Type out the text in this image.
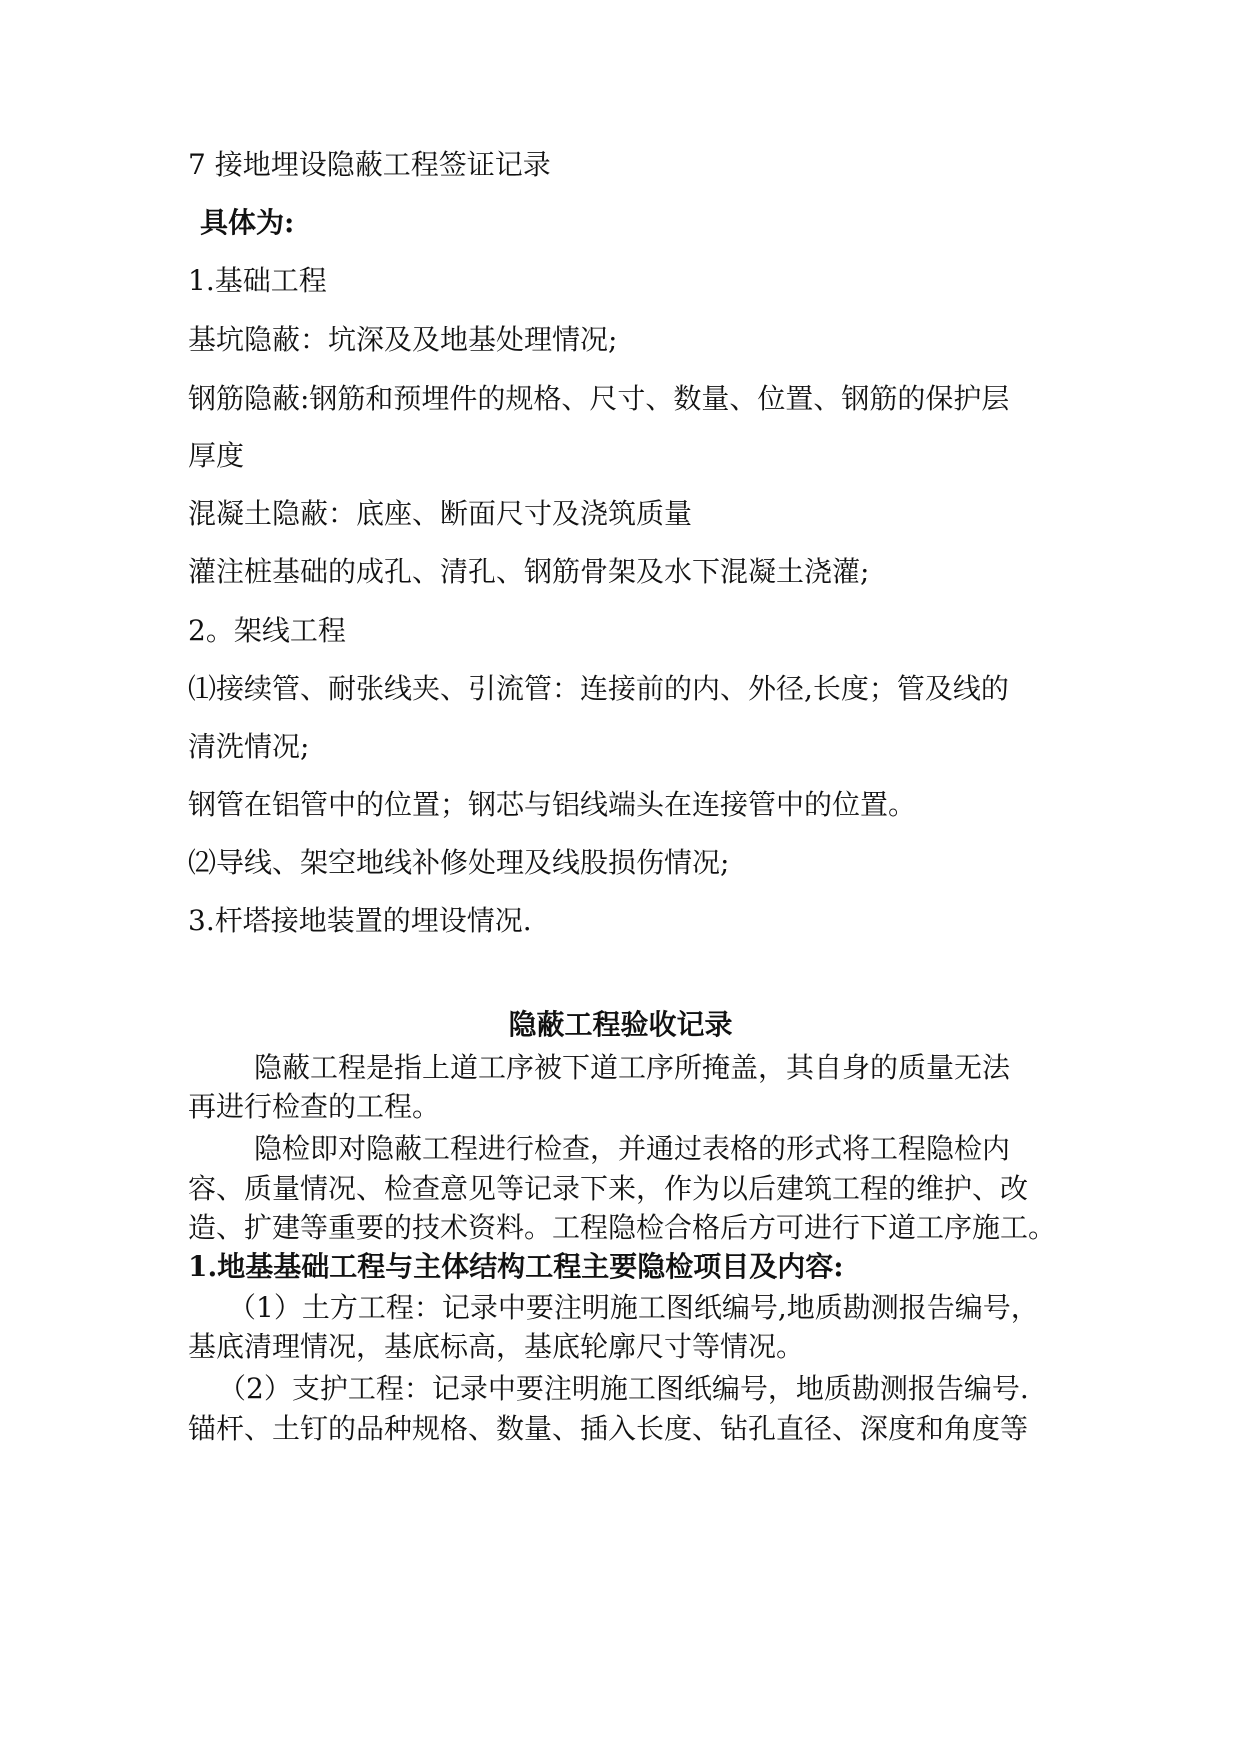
7 接地埋设隐蔽工程签证记录
具体为:
1.基础工程
基坑隐蔽：坑深及及地基处理情况;
钢筋隐蔽:钢筋和预埋件的规格、尺寸、数量、位置、钢筋的保护层
厚度
混凝土隐蔽：底座、断面尺寸及浇筑质量
灌注桩基础的成孔、清孔、钢筋骨架及水下混凝土浇灌;
2。架线工程
⑴接续管、耐张线夹、引流管：连接前的内、外径,长度；管及线的
清洗情况;
钢管在铝管中的位置；钢芯与铝线端头在连接管中的位置。
⑵导线、架空地线补修处理及线股损伤情况;
3.杆塔接地装置的埋设情况.
隐蔽工程验收记录
隐蔽工程是指上道工序被下道工序所掩盖，其自身的质量无法
再进行检查的工程。
隐检即对隐蔽工程进行检查，并通过表格的形式将工程隐检内
容、质量情况、检查意见等记录下来，作为以后建筑工程的维护、改
造、扩建等重要的技术资料。工程隐检合格后方可进行下道工序施工。
1.地基基础工程与主体结构工程主要隐检项目及内容:
（1）土方工程：记录中要注明施工图纸编号,地质勘测报告编号，
基底清理情况，基底标高，基底轮廓尺寸等情况。
（2）支护工程：记录中要注明施工图纸编号，地质勘测报告编号.
锚杆、土钉的品种规格、数量、插入长度、钻孔直径、深度和角度等
